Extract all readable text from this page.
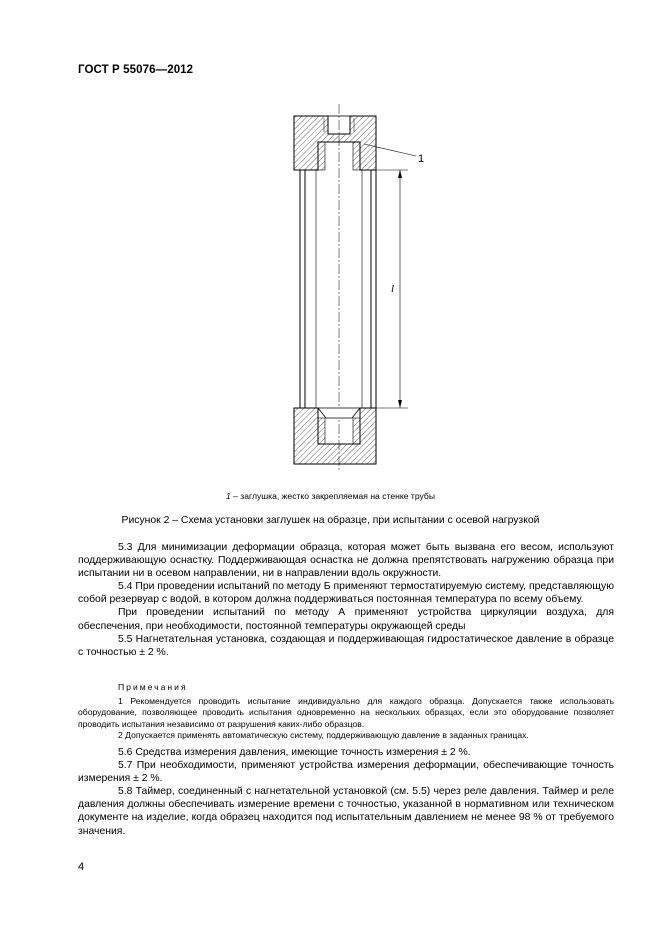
ГОСТ Р 55076—2012
l
1
1 – заглушка, жестко закрепляемая на стенке трубы
Рисунок 2 – Схема установки заглушек на образце, при испытании с осевой нагрузкой

5.3 Для минимизации деформации образца, которая может быть вызвана его весом, используют поддерживающую оснастку. Поддерживающая оснастка не должна препятствовать нагружению образца при испытании ни в осевом направлении, ни в направлении вдоль окружности.

5.4 При проведении испытаний по методу Б применяют термостатируемую систему, представляющую собой резервуар с водой, в котором должна поддерживаться постоянная температура по всему объему.

При проведении испытаний по методу А применяют устройства циркуляции воздуха, для обеспечения, при необходимости, постоянной температуры окружающей среды

5.5 Нагнетательная установка, создающая и поддерживающая гидростатическое давление в образце с точностью ± 2 %.

Примечания

1 Рекомендуется проводить испытание индивидуально для каждого образца. Допускается также использовать оборудование, позволяющее проводить испытания одновременно на нескольких образцах, если это оборудование позволяет проводить испытания независимо от разрушения каких-либо образцов.

2 Допускается применять автоматическую систему, поддерживающую давление в заданных границах.

5.6 Средства измерения давления, имеющие точность измерения ± 2 %.

5.7 При необходимости, применяют устройства измерения деформации, обеспечивающие точность измерения ± 2 %.

5.8 Таймер, соединенный с нагнетательной установкой (см. 5.5) через реле давления. Таймер и реле давления должны обеспечивать измерение времени с точностью, указанной в нормативном или техническом документе на изделие, когда образец находится под испытательным давлением не менее 98 % от требуемого значения.

4
